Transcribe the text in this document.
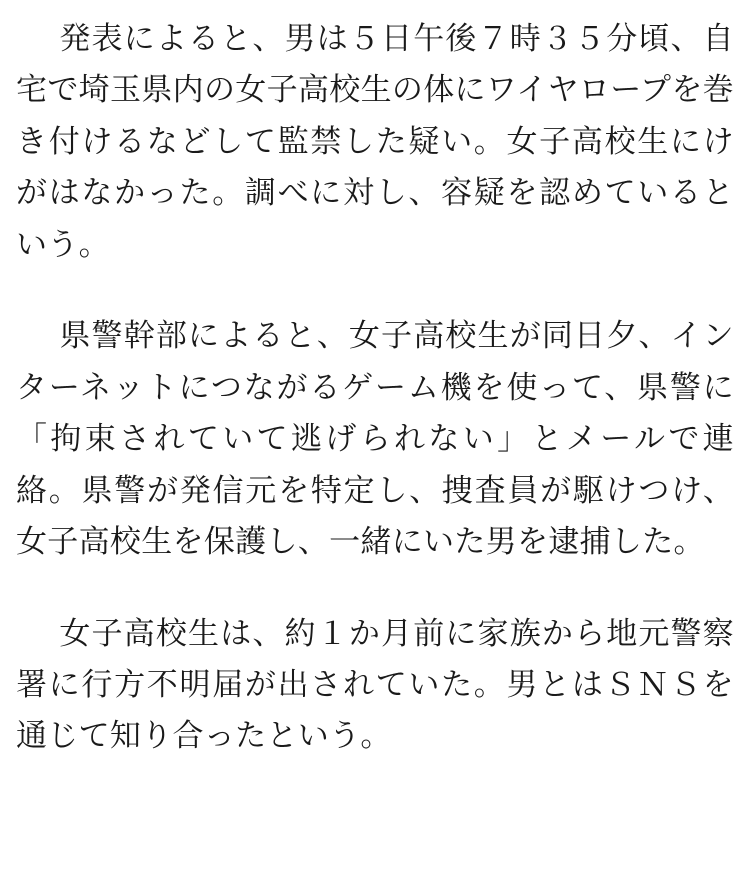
発表によると、男は５日午後７時３５分頃、自宅で埼玉県内の女子高校生の体にワイヤロープを巻き付けるなどして監禁した疑い。女子高校生にけがはなかった。調べに対し、容疑を認めているという。

県警幹部によると、女子高校生が同日夕、インターネットにつながるゲーム機を使って、県警に「拘束されていて逃げられない」とメールで連絡。県警が発信元を特定し、捜査員が駆けつけ、女子高校生を保護し、一緒にいた男を逮捕した。

女子高校生は、約１か月前に家族から地元警察署に行方不明届が出されていた。男とはＳＮＳを通じて知り合ったという。
